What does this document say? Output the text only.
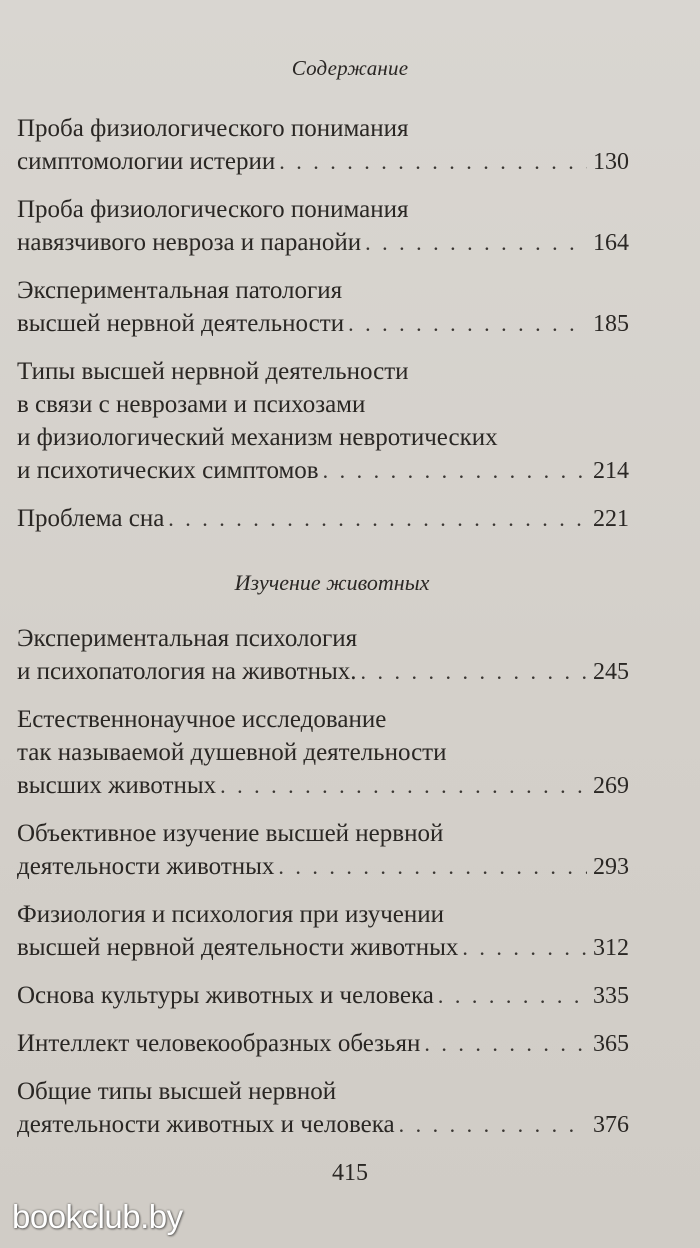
Содержание
Проба физиологического понимания
симптомологии истерии . . .	130
Проба физиологического понимания
навязчивого невроза и паранойи . . .	164
Экспериментальная патология
высшей нервной деятельности . . .	185
Типы высшей нервной деятельности
в связи с неврозами и психозами
и физиологический механизм невротических
и психотических симптомов . . .	214
Проблема сна . . .	221
Изучение животных
Экспериментальная психология
и психопатология на животных. . . .	245
Естественнонаучное исследование
так называемой душевной деятельности
высших животных . . .	269
Объективное изучение высшей нервной
деятельности животных . . .	293
Физиология и психология при изучении
высшей нервной деятельности животных . . .	312
Основа культуры животных и человека . . .	335
Интеллект человекообразных обезьян . . .	365
Общие типы высшей нервной
деятельности животных и человека . . .	376
415
bookclub.by
